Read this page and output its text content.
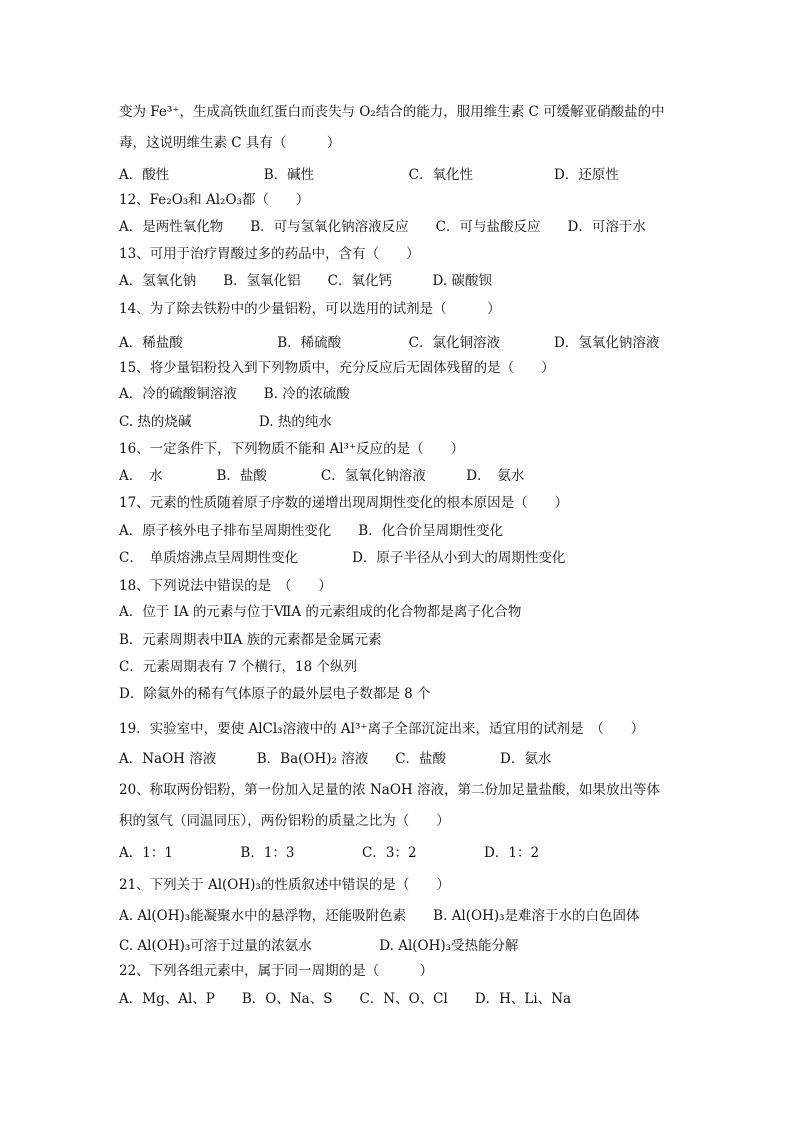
变为 Fe³⁺，生成高铁血红蛋白而丧失与 O₂结合的能力，服用维生素 C 可缓解亚硝酸盐的中
毒，这说明维生素 C 具有（　　　）
A．酸性　　　　　　　B．碱性　　　　　　　C．氧化性　　　　　　D．还原性
12、Fe₂O₃和 Al₂O₃都（　　）
A．是两性氧化物　　B．可与氢氧化钠溶液反应　　C．可与盐酸反应　　D．可溶于水
13、可用于治疗胃酸过多的药品中，含有（　　）
A．氢氧化钠　　B．氢氧化铝　　C．氧化钙　　　D. 碳酸钡
14、为了除去铁粉中的少量铝粉，可以选用的试剂是（　　　）
A．稀盐酸　　　　　　　B．稀硫酸　　　　　C．氯化铜溶液　　　　D．氢氧化钠溶液
15、将少量铝粉投入到下列物质中，充分反应后无固体残留的是（　　）
A．冷的硫酸铜溶液　　B. 冷的浓硫酸
C. 热的烧碱　　　　　D. 热的纯水
16、一定条件下，下列物质不能和 Al³⁺反应的是（　　）
A．　水　　　　B．盐酸　　　　C．氢氧化钠溶液　　　D．　氨水
17、元素的性质随着原子序数的递增出现周期性变化的根本原因是（　　）
A．原子核外电子排布呈周期性变化　　B．化合价呈周期性变化
C．　单质熔沸点呈周期性变化　　　　D．原子半径从小到大的周期性变化
18、下列说法中错误的是　（　　）
A．位于 IA 的元素与位于ⅦA 的元素组成的化合物都是离子化合物
B．元素周期表中ⅡA 族的元素都是金属元素
C．元素周期表有 7 个横行，18 个纵列
D．除氦外的稀有气体原子的最外层电子数都是 8 个
19．实验室中，要使 AlCl₃溶液中的 Al³⁺离子全部沉淀出来，适宜用的试剂是　（　　）
A．NaOH 溶液　　　B．Ba(OH)₂ 溶液　　C．盐酸　　　　D．氨水
20、称取两份铝粉，第一份加入足量的浓 NaOH 溶液，第二份加足量盐酸，如果放出等体
积的氢气（同温同压），两份铝粉的质量之比为（　　）
A．1：1　　　　　B．1：3　　　　　C．3：2　　　　　D．1：2
21、下列关于 Al(OH)₃的性质叙述中错误的是（　　）
A. Al(OH)₃能凝聚水中的悬浮物，还能吸附色素　　B. Al(OH)₃是难溶于水的白色固体
C. Al(OH)₃可溶于过量的浓氨水　　　　　D. Al(OH)₃受热能分解
22、下列各组元素中，属于同一周期的是（　　　）
A．Mg、Al、P　　B．O、Na、S　　C．N、O、Cl　　D．H、Li、Na
